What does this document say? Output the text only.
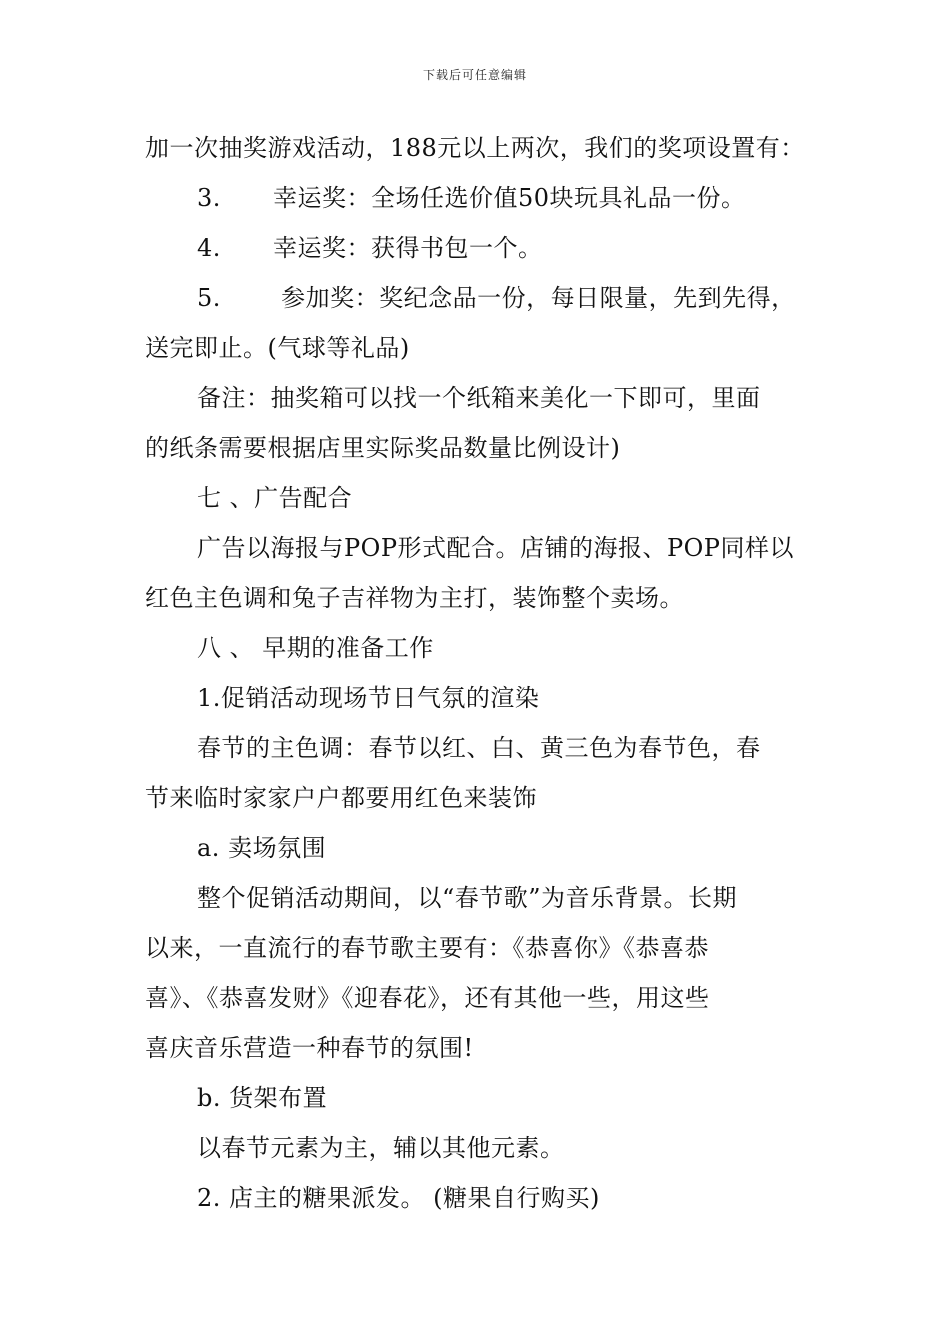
下载后可任意编辑
加一次抽奖游戏活动，188元以上两次，我们的奖项设置有：
3. 幸运奖：全场任选价值50块玩具礼品一份。
4. 幸运奖：获得书包一个。
5. 参加奖：奖纪念品一份，每日限量，先到先得，
送完即止。(气球等礼品)
备注：抽奖箱可以找一个纸箱来美化一下即可，里面
的纸条需要根据店里实际奖品数量比例设计)
七 、广告配合
广告以海报与POP形式配合。店铺的海报、POP同样以
红色主色调和兔子吉祥物为主打，装饰整个卖场。
八 、 早期的准备工作
1.促销活动现场节日气氛的渲染
春节的主色调：春节以红、白、黄三色为春节色，春
节来临时家家户户都要用红色来装饰
a. 卖场氛围
整个促销活动期间，以“春节歌”为音乐背景。长期
以来，一直流行的春节歌主要有：《恭喜你》《恭喜恭
喜》、《恭喜发财》《迎春花》，还有其他一些，用这些
喜庆音乐营造一种春节的氛围!
b. 货架布置
以春节元素为主，辅以其他元素。
2. 店主的糖果派发。 (糖果自行购买)
